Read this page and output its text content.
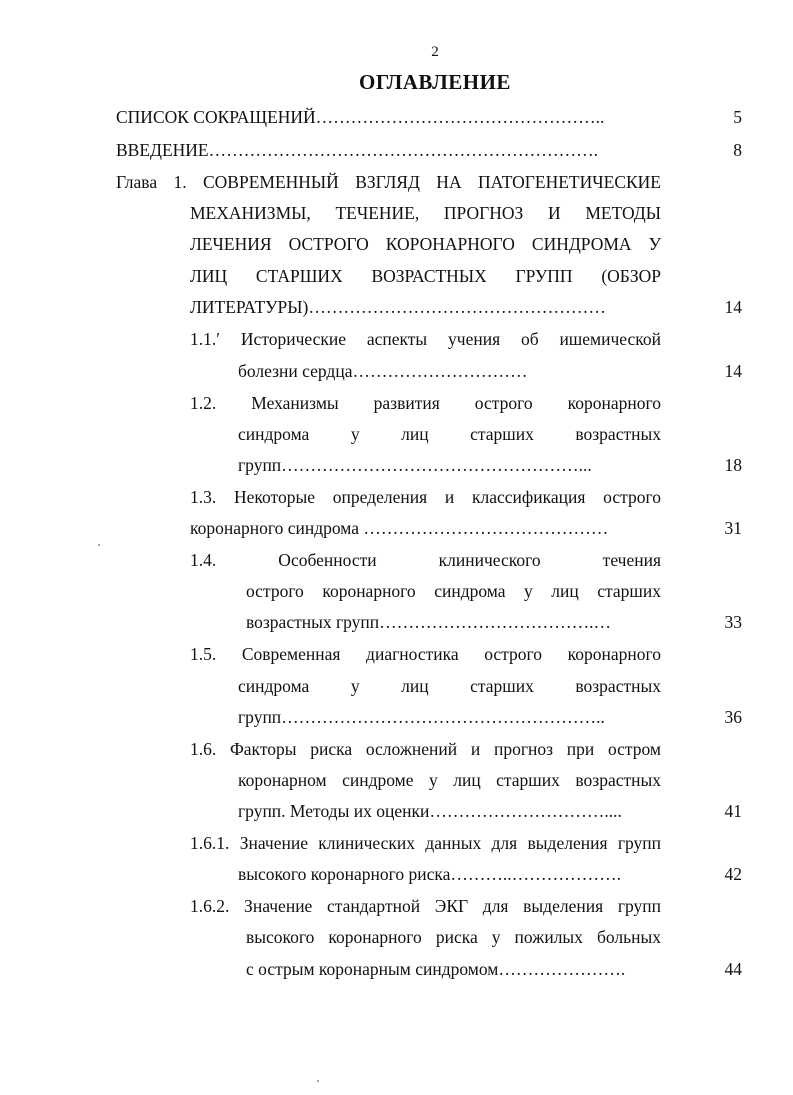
2
ОГЛАВЛЕНИЕ
СПИСОК СОКРАЩЕНИЙ…………………………………………..	5
ВВЕДЕНИЕ………………………………………………………….	8
Глава 1. СОВРЕМЕННЫЙ ВЗГЛЯД НА ПАТОГЕНЕТИЧЕСКИЕ
МЕХАНИЗМЫ, ТЕЧЕНИЕ, ПРОГНОЗ И МЕТОДЫ
ЛЕЧЕНИЯ ОСТРОГО КОРОНАРНОГО СИНДРОМА У
ЛИЦ СТАРШИХ ВОЗРАСТНЫХ ГРУПП (ОБЗОР
ЛИТЕРАТУРЫ)……………………………………………	14
1.1.′ Исторические аспекты учения об ишемической
болезни сердца…………………………	14
1.2. Механизмы развития острого коронарного
синдрома у лиц старших возрастных
групп……………………………………………...	18
1.3. Некоторые определения и классификация острого
коронарного синдрома ……………………………………	31
1.4. Особенности клинического течения
острого коронарного синдрома у лиц старших
возрастных групп……………………………….…	33
1.5. Современная диагностика острого коронарного
синдрома у лиц старших возрастных
групп………………………………………………..	36
1.6. Факторы риска осложнений и прогноз при остром
коронарном синдроме у лиц старших возрастных
групп. Методы их оценки…………………………....	41
1.6.1. Значение клинических данных для выделения групп
высокого коронарного риска………..……………….	42
1.6.2. Значение стандартной ЭКГ для выделения групп
высокого коронарного риска у пожилых больных
с острым коронарным синдромом………………….	44
